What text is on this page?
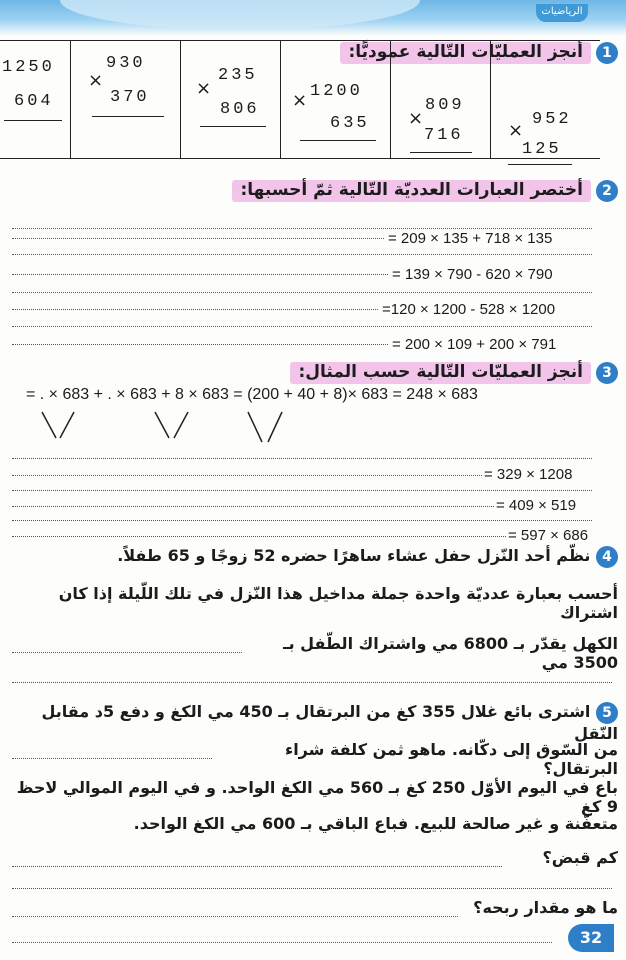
الرياضيات
1 أنجز العمليّات التّالية عموديًّا:
952
×
125
809
×
716
1200
×
635
235
×
806
930
×
370
1250
604
2 أختصر العبارات العدديّة التّالية ثمّ أحسبها:
= 209 × 135 + 718 × 135
= 139 × 790 - 620 × 790
=120 × 1200 - 528 × 1200
= 200 × 109 + 200 × 791
3 أنجز العمليّات التّالية حسب المثال:
= . × 683 + . × 683 + 8 × 683 = (200 + 40 + 8)× 683 = 248 × 683
= 329 × 1208
= 409 × 519
= 597 × 686
4 نظّم أحد النّزل حفل عشاء ساهرًا حضره 52 زوجًا و 65 طفلاً.
أحسب بعبارة عدديّة واحدة جملة مداخيل هذا النّزل في تلك اللّيلة إذا كان اشتراك
الكهل يقدّر بـ 6800 مي واشتراك الطّفل بـ 3500 مي
5 اشترى بائع غلال 355 كغ من البرتقال بـ 450 مي الكغ و دفع 5د مقابل النّقل
من السّوق إلى دكّانه. ماهو ثمن كلفة شراء البرتقال؟
باع في اليوم الأوّل 250 كغ بـ 560 مي الكغ الواحد. و في اليوم الموالي لاحظ 9 كغ
متعفّنة و غير صالحة للبيع. فباع الباقي بـ 600 مي الكغ الواحد.
كم قبض؟
ما هو مقدار ربحه؟
32
